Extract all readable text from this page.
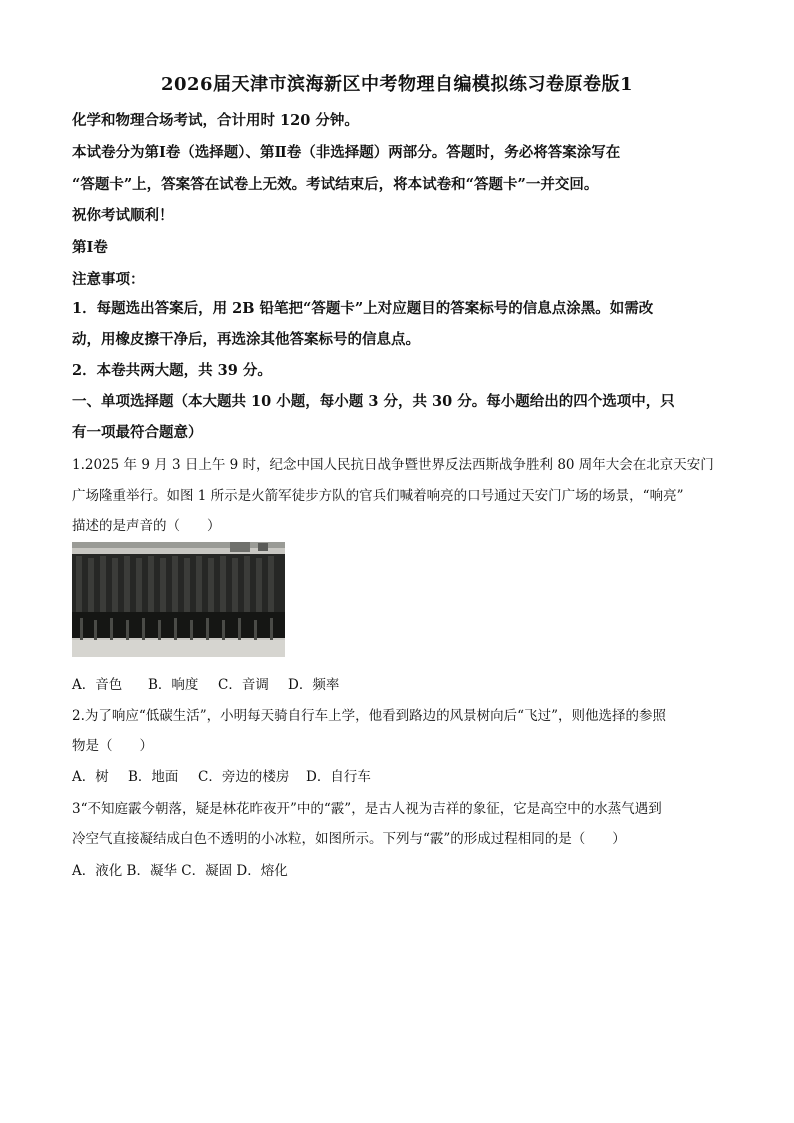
2026届天津市滨海新区中考物理自编模拟练习卷原卷版1
化学和物理合场考试，合计用时 120 分钟。
本试卷分为第Ⅰ卷（选择题）、第Ⅱ卷（非选择题）两部分。答题时，务必将答案涂写在
“答题卡”上，答案答在试卷上无效。考试结束后，将本试卷和“答题卡”一并交回。
祝你考试顺利！
第Ⅰ卷
注意事项：
1．每题选出答案后，用 2B 铅笔把“答题卡”上对应题目的答案标号的信息点涂黑。如需改
动，用橡皮擦干净后，再选涂其他答案标号的信息点。
2．本卷共两大题，共 39 分。
一、单项选择题（本大题共 10 小题，每小题 3 分，共 30 分。每小题给出的四个选项中，只
有一项最符合题意）
1.2025 年 9 月 3 日上午 9 时，纪念中国人民抗日战争暨世界反法西斯战争胜利 80 周年大会在北京天安门
广场隆重举行。如图 1 所示是火箭军徒步方队的官兵们喊着响亮的口号通过天安门广场的场景，“响亮”
描述的是声音的（　　）
A．音色 B．响度 C．音调 D．频率
2.为了响应“低碳生活”，小明每天骑自行车上学，他看到路边的风景树向后“飞过”，则他选择的参照
物是（　　）
A．树 B．地面 C．旁边的楼房 D．自行车
3“不知庭霰今朝落，疑是林花昨夜开”中的“霰”，是古人视为吉祥的象征，它是高空中的水蒸气遇到
冷空气直接凝结成白色不透明的小冰粒，如图所示。下列与“霰”的形成过程相同的是（　　）
A．液化 B．凝华 C．凝固 D．熔化
